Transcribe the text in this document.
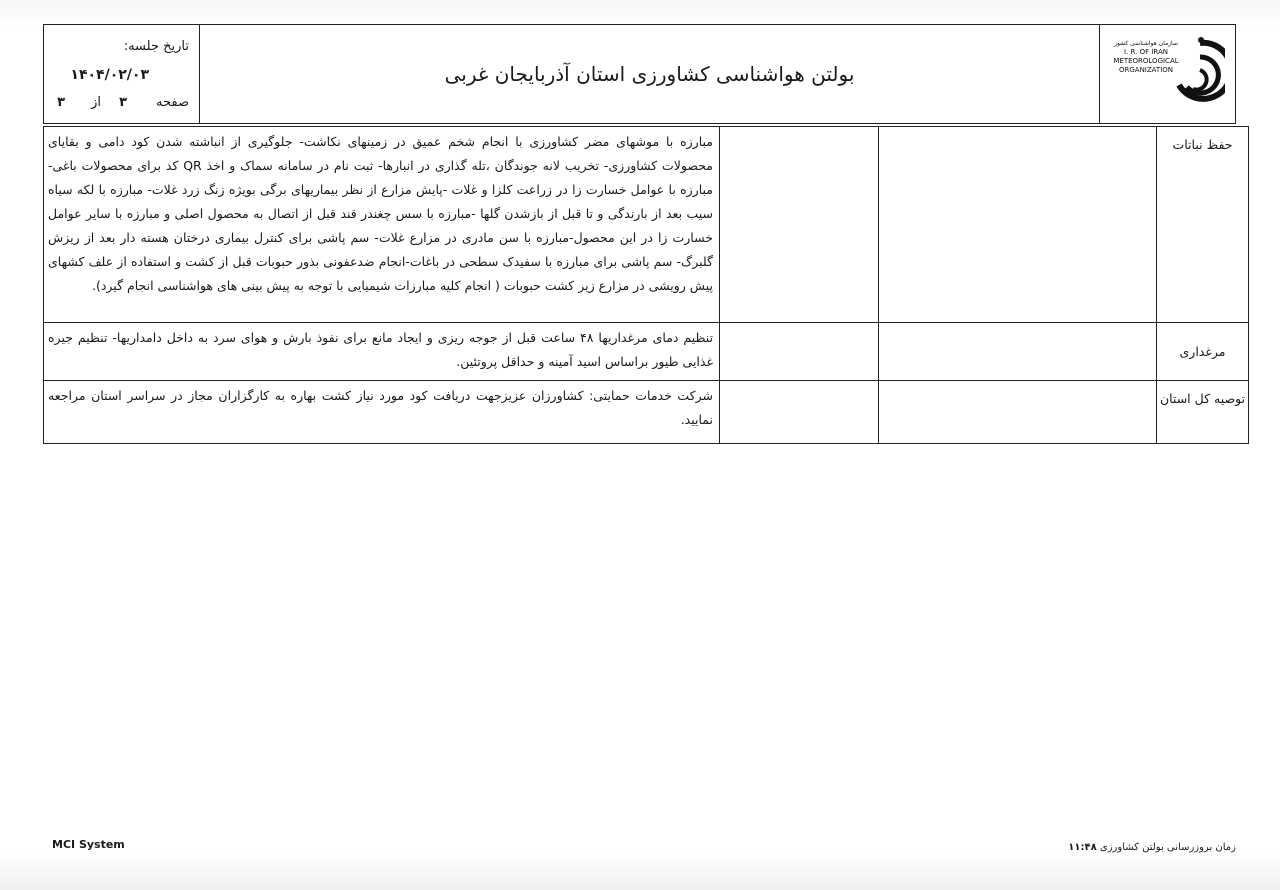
تاریخ جلسه:
۱۴۰۴/۰۲/۰۳
صفحه
۳
از
۳
بولتن هواشناسی کشاورزی استان آذربایجان غربی
سازمان هواشناسی کشور
I. R. OF IRAN
METEOROLOGICAL
ORGANIZATION
حفظ نباتات			مبارزه با موشهای مضر کشاورزی با انجام شخم عمیق در زمینهای نکاشت- جلوگیری از انباشته شدن کود دامی و بقایای محصولات کشاورزی- تخریب لانه جوندگان ،تله گذاری در انبارها- ثبت نام در سامانه سماک و اخذ QR کد برای محصولات باغی- مبارزه با عوامل خسارت زا در زراعت کلزا و غلات -پایش مزارع از نظر بیماریهای برگی بویژه زنگ زرد غلات- مبارزه با لکه سیاه سیب بعد از بارندگی و تا قبل از بازشدن گلها -مبارزه با سس چغندر قند قبل از اتصال به محصول اصلی و مبارزه با سایر عوامل خسارت زا در این محصول-مبارزه با سن مادری در مزارع غلات- سم پاشی برای کنترل بیماری درختان هسته دار بعد از ریزش گلبرگ- سم پاشی برای مبارزه با سفیدک سطحی در باغات-انجام ضدعفونی بذور حبوبات قبل از کشت و استفاده از علف کشهای پیش رویشی در مزارع زیر کشت حبوبات ( انجام کلیه مبارزات شیمیایی با توجه به پیش بینی های هواشناسی انجام گیرد).
مرغداری			تنظیم دمای مرغداریها ۴۸ ساعت قبل از جوجه ریزی و ایجاد مانع برای نفوذ بارش و هوای سرد به داخل دامداریها- تنظیم جیره غذایی طیور براساس اسید آمینه و حداقل پروتئین.
توصیه کل استان			شرکت خدمات حمایتی: کشاورزان عزیزجهت دریافت کود مورد نیاز کشت بهاره به کارگزاران مجاز در سراسر استان مراجعه نمایید.
MCI System	زمان بروزرسانی بولتن کشاورزی ۱۱:۴۸
